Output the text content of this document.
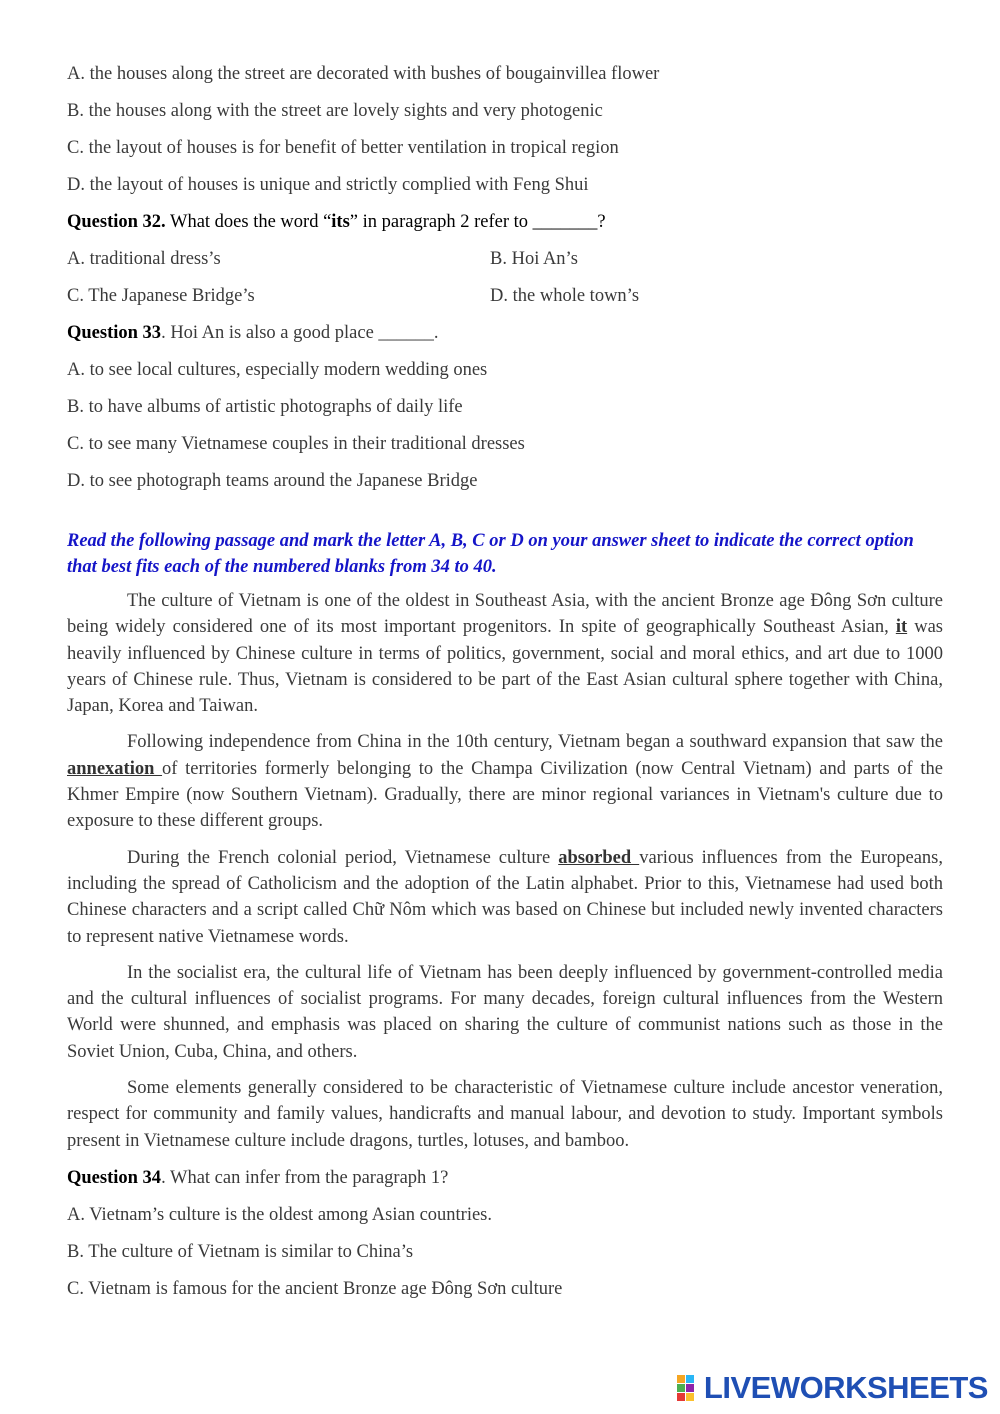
A. the houses along the street are decorated with bushes of bougainvillea flower
B. the houses along with the street are lovely sights and very photogenic
C. the layout of houses is for benefit of better ventilation in tropical region
D. the layout of houses is unique and strictly complied with Feng Shui
Question 32. What does the word “its” in paragraph 2 refer to _______?
A. traditional dress’s	B. Hoi An’s
C. The Japanese Bridge’s	D. the whole town’s
Question 33. Hoi An is also a good place ______.
A. to see local cultures, especially modern wedding ones
B. to have albums of artistic photographs of daily life
C. to see many Vietnamese couples in their traditional dresses
D. to see photograph teams around the Japanese Bridge
Read the following passage and mark the letter A, B, C or D on your answer sheet to indicate the correct option that best fits each of the numbered blanks from 34 to 40.

The culture of Vietnam is one of the oldest in Southeast Asia, with the ancient Bronze age Đông Sơn culture being widely considered one of its most important progenitors. In spite of geographically Southeast Asian, it was heavily influenced by Chinese culture in terms of politics, government, social and moral ethics, and art due to 1000 years of Chinese rule. Thus, Vietnam is considered to be part of the East Asian cultural sphere together with China, Japan, Korea and Taiwan.

Following independence from China in the 10th century, Vietnam began a southward expansion that saw the annexation of territories formerly belonging to the Champa Civilization (now Central Vietnam) and parts of the Khmer Empire (now Southern Vietnam). Gradually, there are minor regional variances in Vietnam's culture due to exposure to these different groups.

During the French colonial period, Vietnamese culture absorbed various influences from the Europeans, including the spread of Catholicism and the adoption of the Latin alphabet. Prior to this, Vietnamese had used both Chinese characters and a script called Chữ Nôm which was based on Chinese but included newly invented characters to represent native Vietnamese words.

In the socialist era, the cultural life of Vietnam has been deeply influenced by government-controlled media and the cultural influences of socialist programs. For many decades, foreign cultural influences from the Western World were shunned, and emphasis was placed on sharing the culture of communist nations such as those in the Soviet Union, Cuba, China, and others.

Some elements generally considered to be characteristic of Vietnamese culture include ancestor veneration, respect for community and family values, handicrafts and manual labour, and devotion to study. Important symbols present in Vietnamese culture include dragons, turtles, lotuses, and bamboo.

Question 34. What can infer from the paragraph 1?
A. Vietnam’s culture is the oldest among Asian countries.
B. The culture of Vietnam is similar to China’s
C. Vietnam is famous for the ancient Bronze age Đông Sơn culture
LIVEWORKSHEETS
